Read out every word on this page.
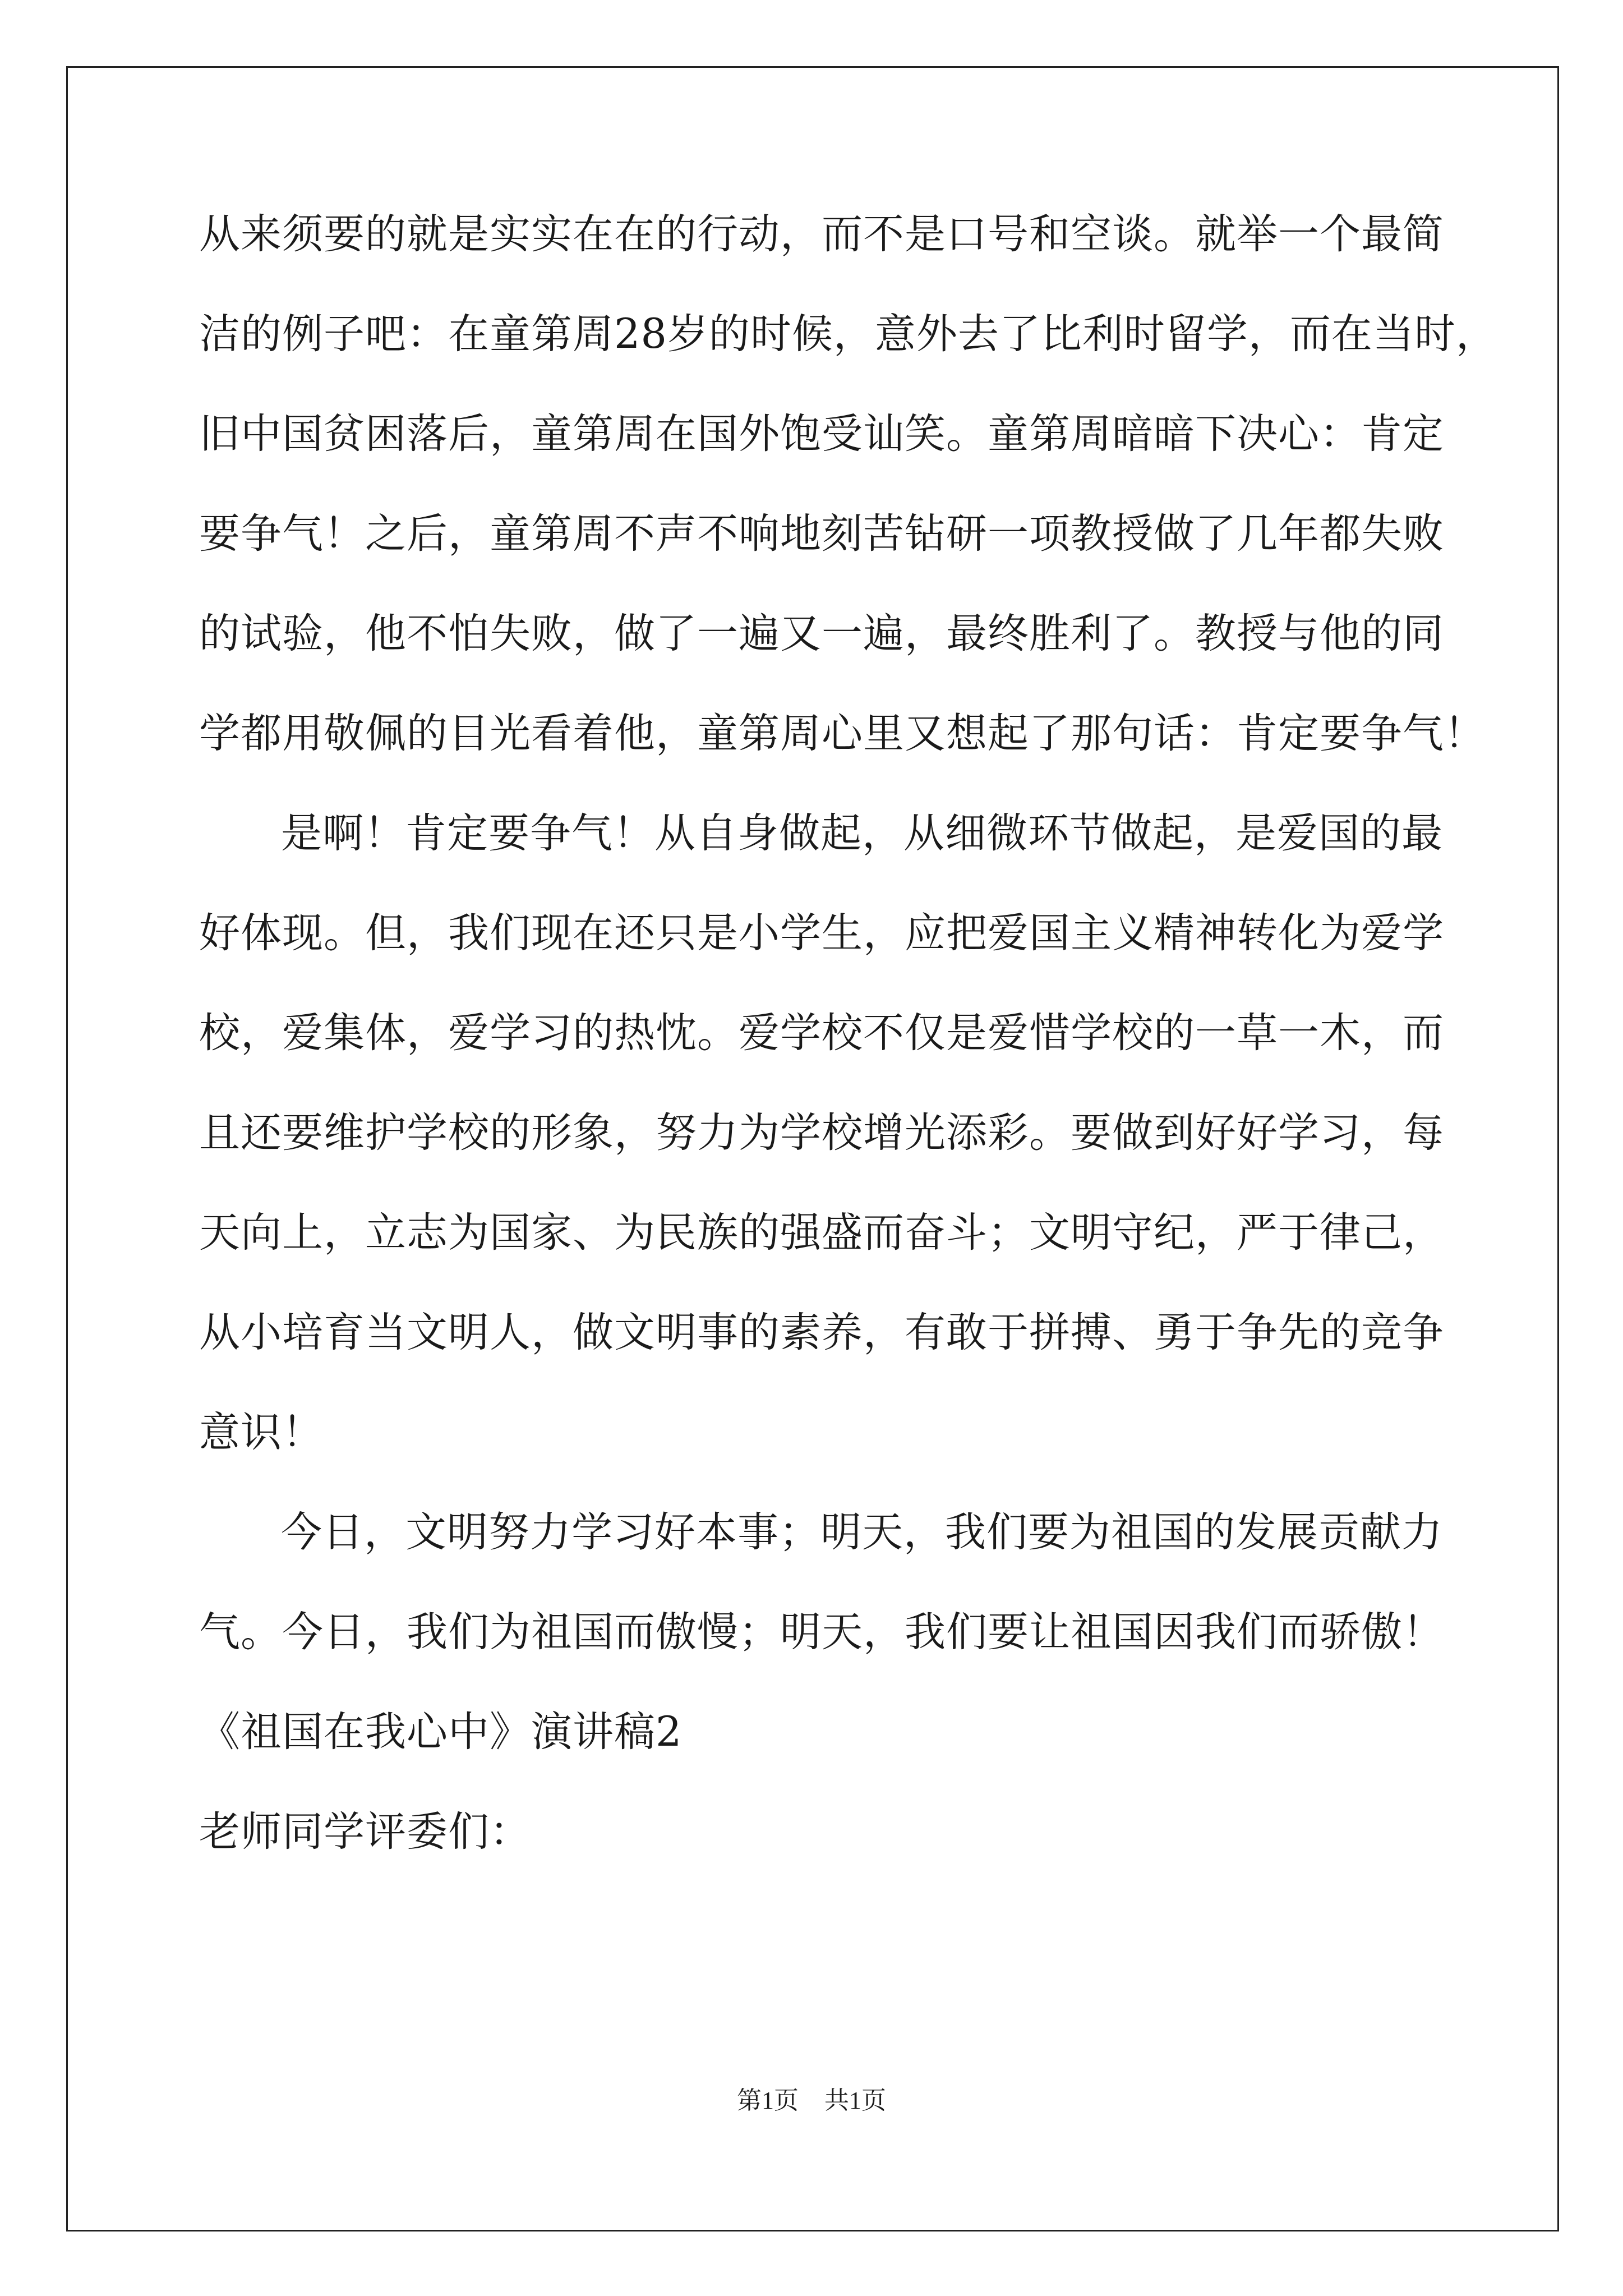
从来须要的就是实实在在的行动，而不是口号和空谈。就举一个最简
洁的例子吧：在童第周28岁的时候，意外去了比利时留学，而在当时，
旧中国贫困落后，童第周在国外饱受讪笑。童第周暗暗下决心：肯定
要争气！之后，童第周不声不响地刻苦钻研一项教授做了几年都失败
的试验，他不怕失败，做了一遍又一遍，最终胜利了。教授与他的同
学都用敬佩的目光看着他，童第周心里又想起了那句话：肯定要争气！
是啊！肯定要争气！从自身做起，从细微环节做起，是爱国的最
好体现。但，我们现在还只是小学生，应把爱国主义精神转化为爱学
校，爱集体，爱学习的热忱。爱学校不仅是爱惜学校的一草一木，而
且还要维护学校的形象，努力为学校增光添彩。要做到好好学习，每
天向上，立志为国家、为民族的强盛而奋斗；文明守纪，严于律己，
从小培育当文明人，做文明事的素养，有敢于拼搏、勇于争先的竞争
意识！
今日，文明努力学习好本事；明天，我们要为祖国的发展贡献力
气。今日，我们为祖国而傲慢；明天，我们要让祖国因我们而骄傲！
《祖国在我心中》演讲稿2
老师同学评委们：
第1页 共1页
